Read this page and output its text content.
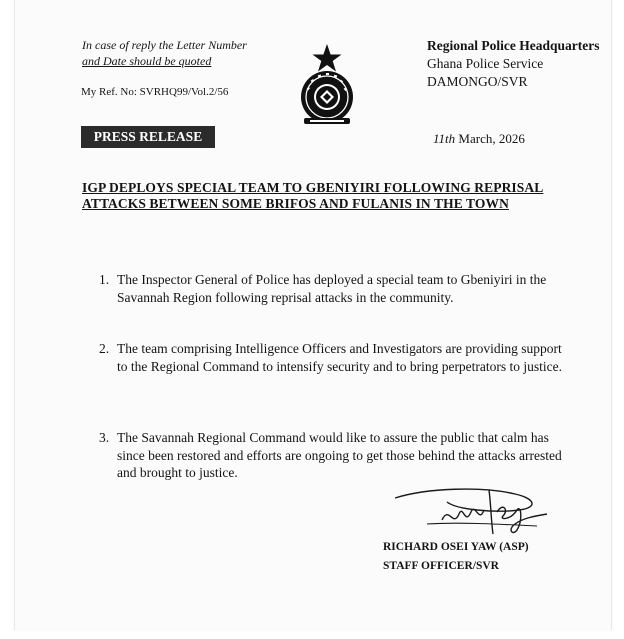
In case of reply the Letter Number
and Date should be quoted
My Ref. No: SVRHQ99/Vol.2/56
Regional Police Headquarters
Ghana Police Service
DAMONGO/SVR
PRESS RELEASE	11th March, 2026
IGP DEPLOYS SPECIAL TEAM TO GBENIYIRI FOLLOWING REPRISAL ATTACKS BETWEEN SOME BRIFOS AND FULANIS IN THE TOWN
1. The Inspector General of Police has deployed a special team to Gbeniyiri in the Savannah Region following reprisal attacks in the community.
2. The team comprising Intelligence Officers and Investigators are providing support to the Regional Command to intensify security and to bring perpetrators to justice.
3. The Savannah Regional Command would like to assure the public that calm has since been restored and efforts are ongoing to get those behind the attacks arrested and brought to justice.
RICHARD OSEI YAW (ASP)
STAFF OFFICER/SVR
